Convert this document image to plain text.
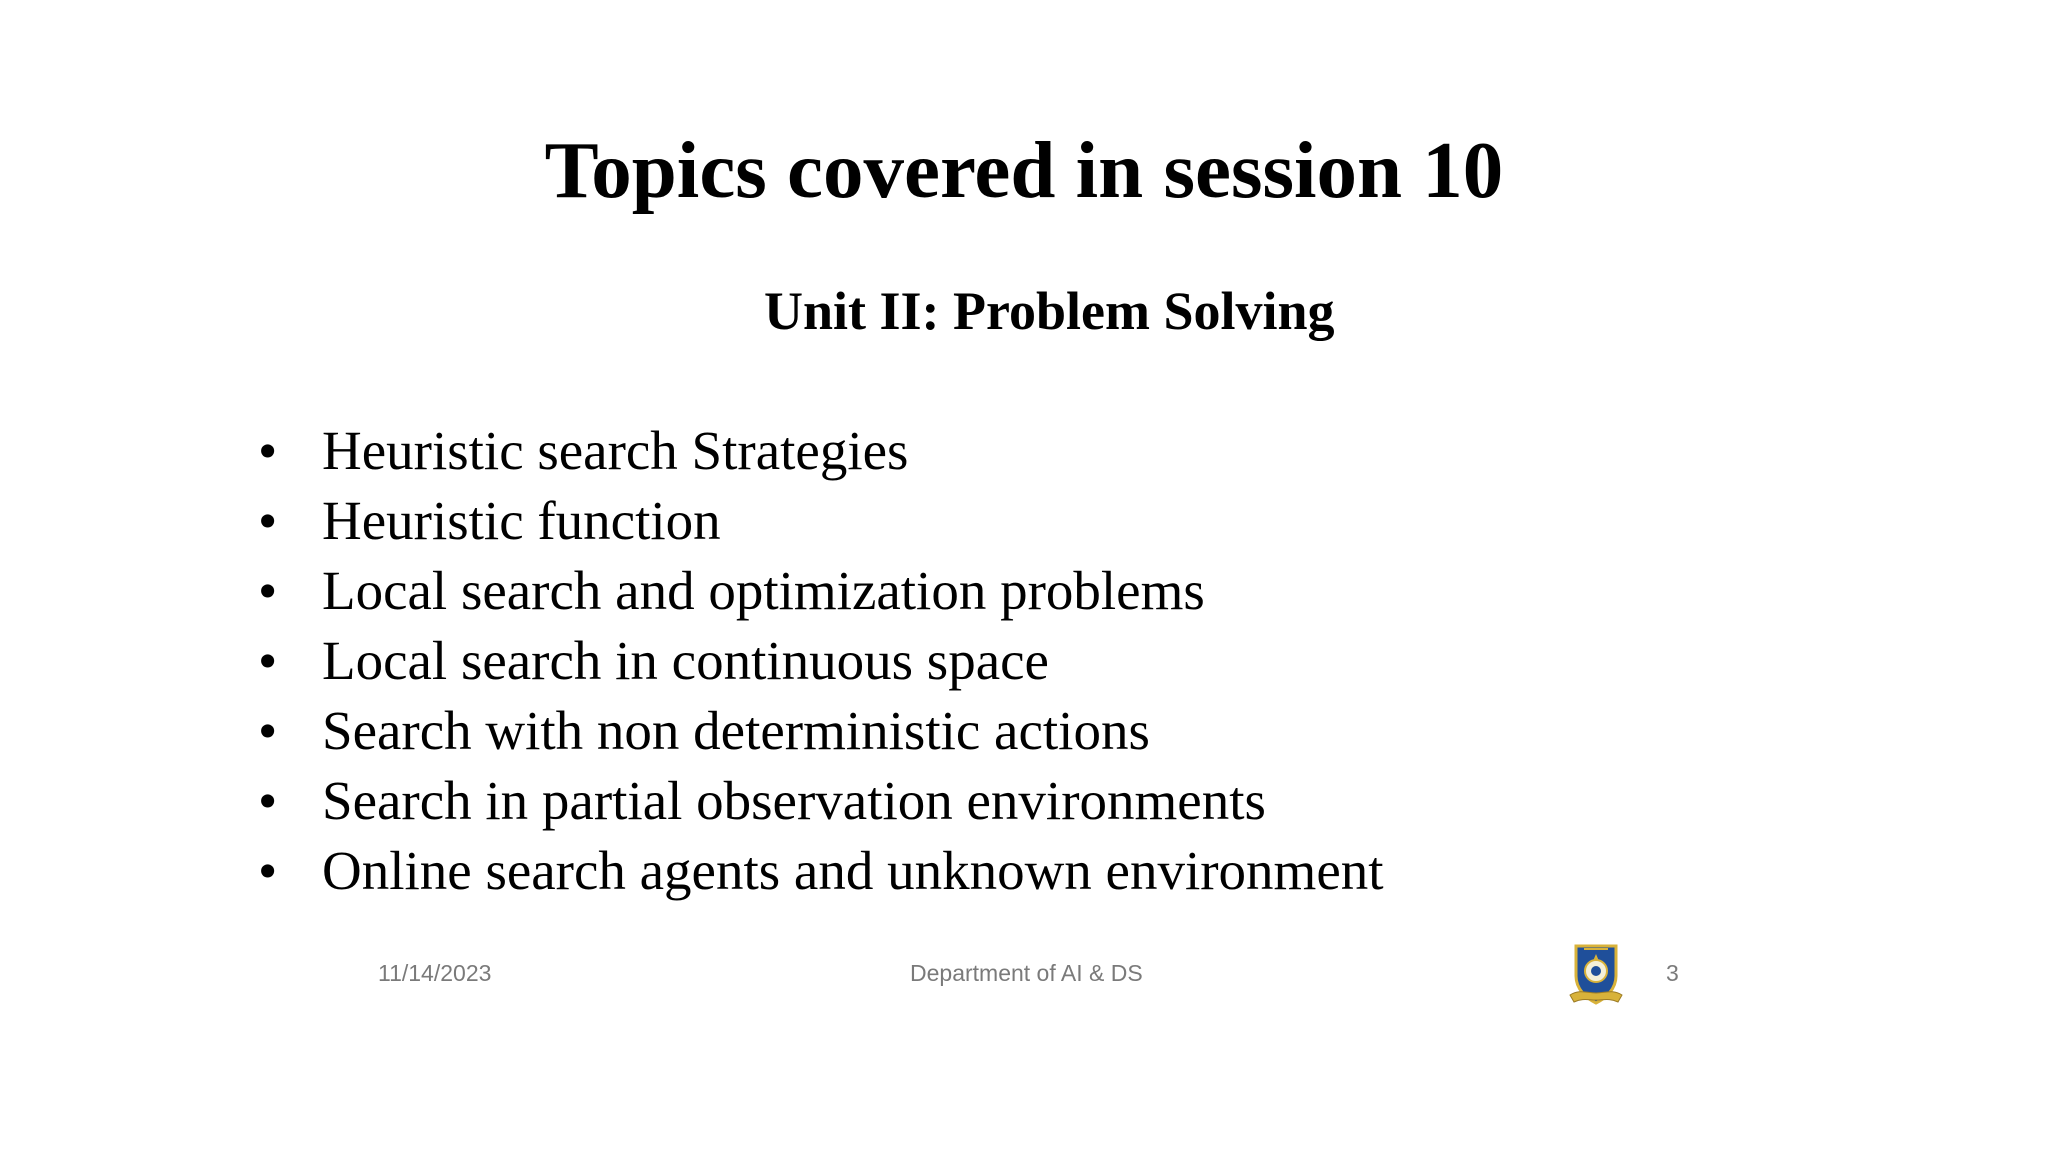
Topics covered in session 10
Unit II: Problem Solving
• Heuristic search Strategies
• Heuristic function
• Local search and optimization problems
• Local search in continuous space
• Search with non deterministic actions
• Search in partial observation environments
• Online search agents and unknown environment
11/14/2023	Department of AI & DS	3
